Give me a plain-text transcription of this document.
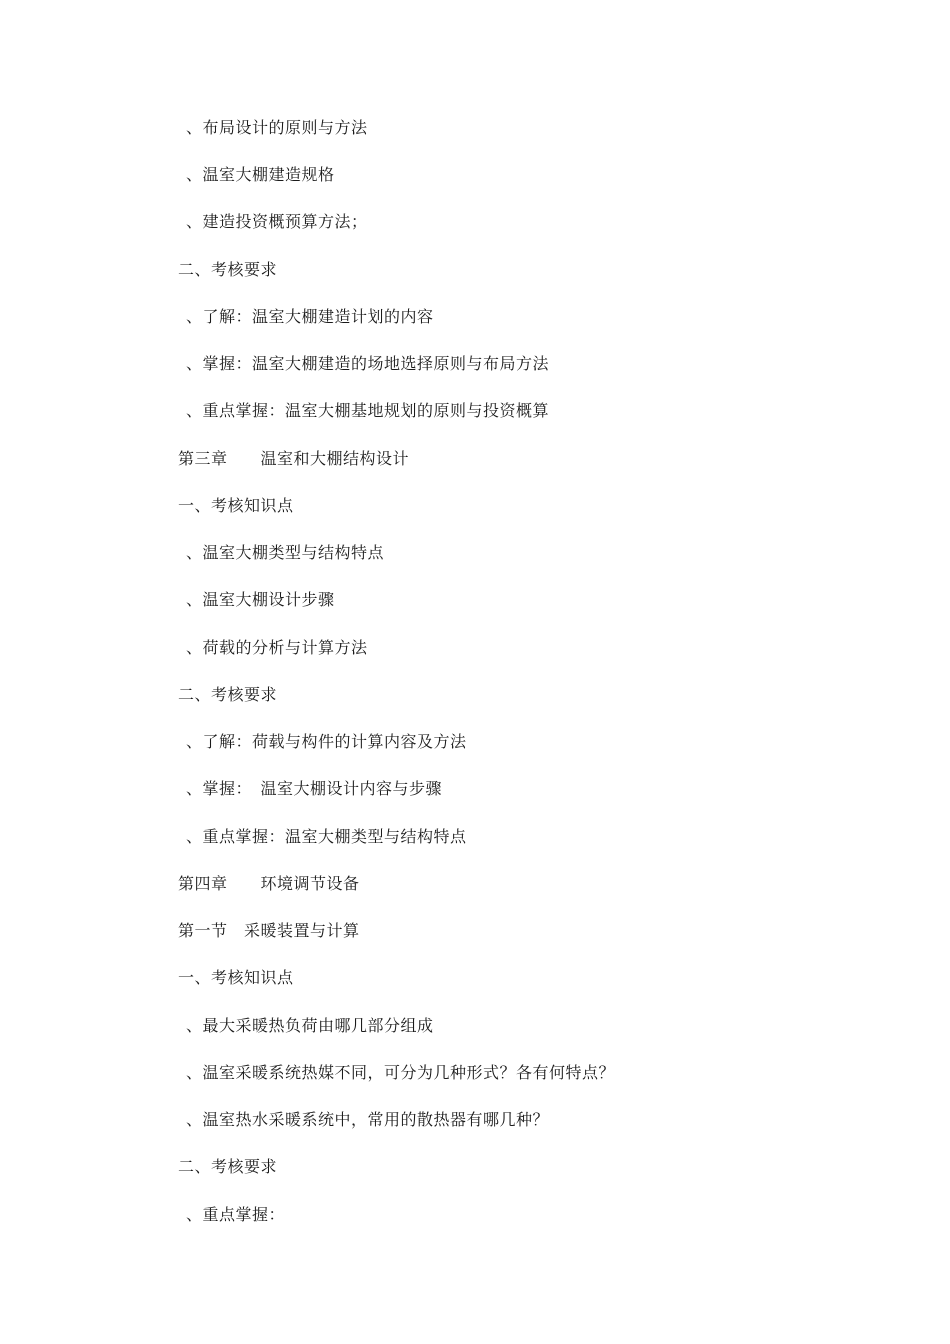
、布局设计的原则与方法
、温室大棚建造规格
、建造投资概预算方法；
二、考核要求
、了解：温室大棚建造计划的内容
、掌握：温室大棚建造的场地选择原则与布局方法
、重点掌握：温室大棚基地规划的原则与投资概算
第三章　　温室和大棚结构设计
一、考核知识点
、温室大棚类型与结构特点
、温室大棚设计步骤
、荷载的分析与计算方法
二、考核要求
、了解：荷载与构件的计算内容及方法
、掌握：　温室大棚设计内容与步骤
、重点掌握：温室大棚类型与结构特点
第四章　　环境调节设备
第一节　采暖装置与计算
一、考核知识点
、最大采暖热负荷由哪几部分组成
、温室采暖系统热媒不同，可分为几种形式？各有何特点？
、温室热水采暖系统中，常用的散热器有哪几种？
二、考核要求
、重点掌握：
